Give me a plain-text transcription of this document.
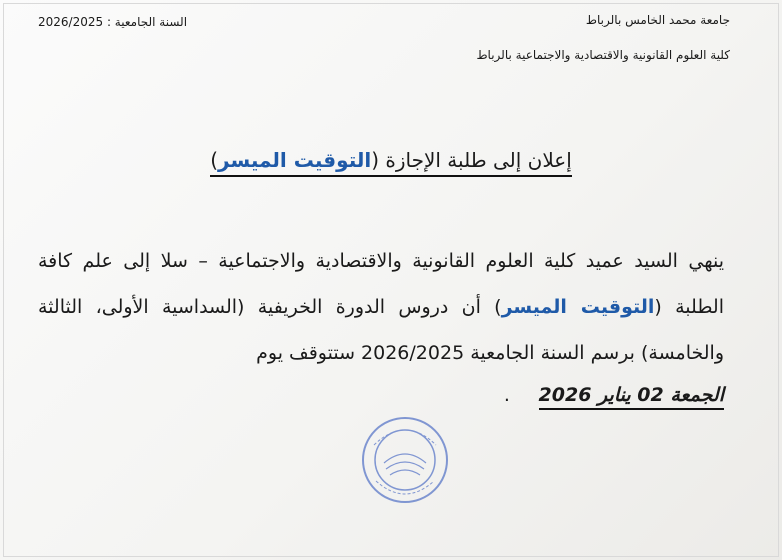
جامعة محمد الخامس بالرباط
كلية العلوم القانونية والاقتصادية والاجتماعية بالرباط
السنة الجامعية : 2026/2025
إعلان إلى طلبة الإجازة (التوقيت الميسر)
ينهي السيد عميد كلية العلوم القانونية والاقتصادية والاجتماعية – سلا إلى علم كافة الطلبة (التوقيت الميسر) أن دروس الدورة الخريفية (السداسية الأولى، الثالثة والخامسة) برسم السنة الجامعية 2026/2025 ستتوقف يوم
الجمعة 02 يناير 2026 .
